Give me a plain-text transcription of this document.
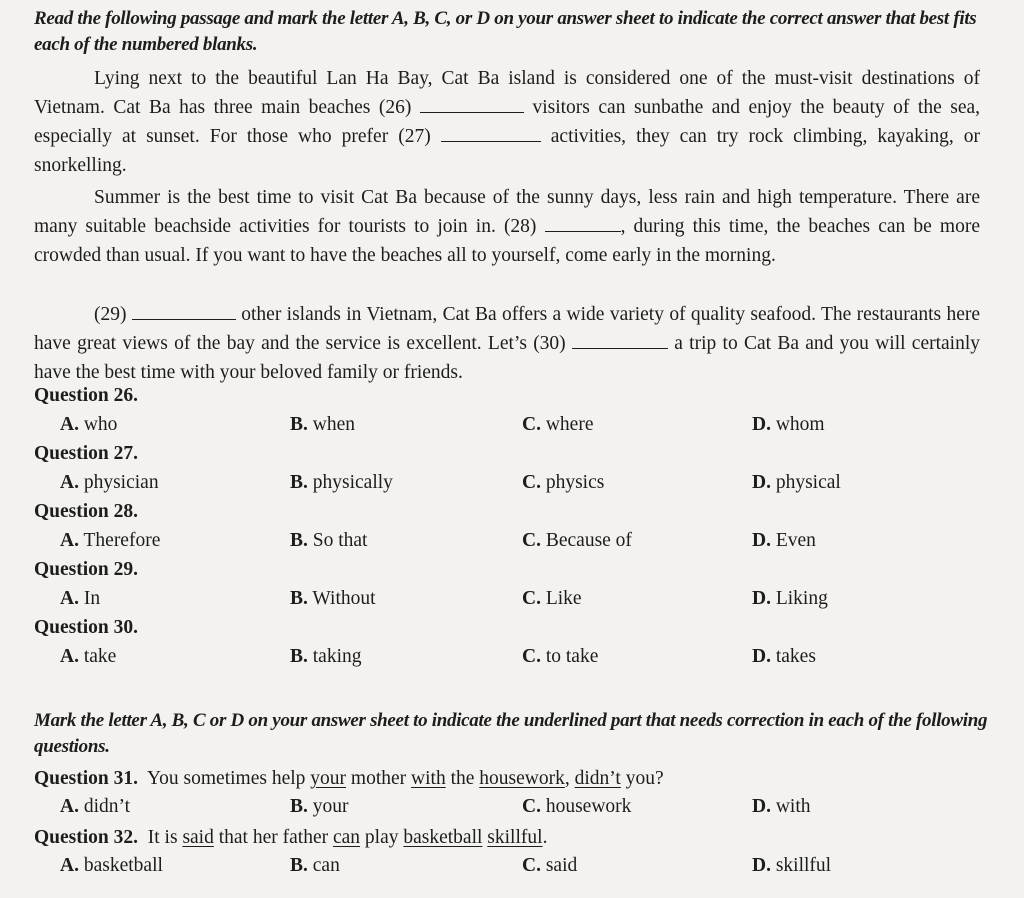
Read the following passage and mark the letter A, B, C, or D on your answer sheet to indicate the correct answer that best fits each of the numbered blanks.
Lying next to the beautiful Lan Ha Bay, Cat Ba island is considered one of the must-visit destinations of Vietnam. Cat Ba has three main beaches (26)	visitors can sunbathe and enjoy the beauty of the sea, especially at sunset. For those who prefer (27)	activities, they can try rock climbing, kayaking, or snorkelling.
Summer is the best time to visit Cat Ba because of the sunny days, less rain and high temperature. There are many suitable beachside activities for tourists to join in. (28)	, during this time, the beaches can be more crowded than usual. If you want to have the beaches all to yourself, come early in the morning.
(29)	other islands in Vietnam, Cat Ba offers a wide variety of quality seafood. The restaurants here have great views of the bay and the service is excellent. Let’s (30)	a trip to Cat Ba and you will certainly have the best time with your beloved family or friends.
Question 26.
A. who	B. when	C. where	D. whom
Question 27.
A. physician	B. physically	C. physics	D. physical
Question 28.
A. Therefore	B. So that	C. Because of	D. Even
Question 29.
A. In	B. Without	C. Like	D. Liking
Question 30.
A. take	B. taking	C. to take	D. takes
Mark the letter A, B, C or D on your answer sheet to indicate the underlined part that needs correction in each of the following questions.
Question 31. You sometimes help your mother with the housework, didn’t you?
A. didn’t	B. your	C. housework	D. with
Question 32. It is said that her father can play basketball skillful.
A. basketball	B. can	C. said	D. skillful
